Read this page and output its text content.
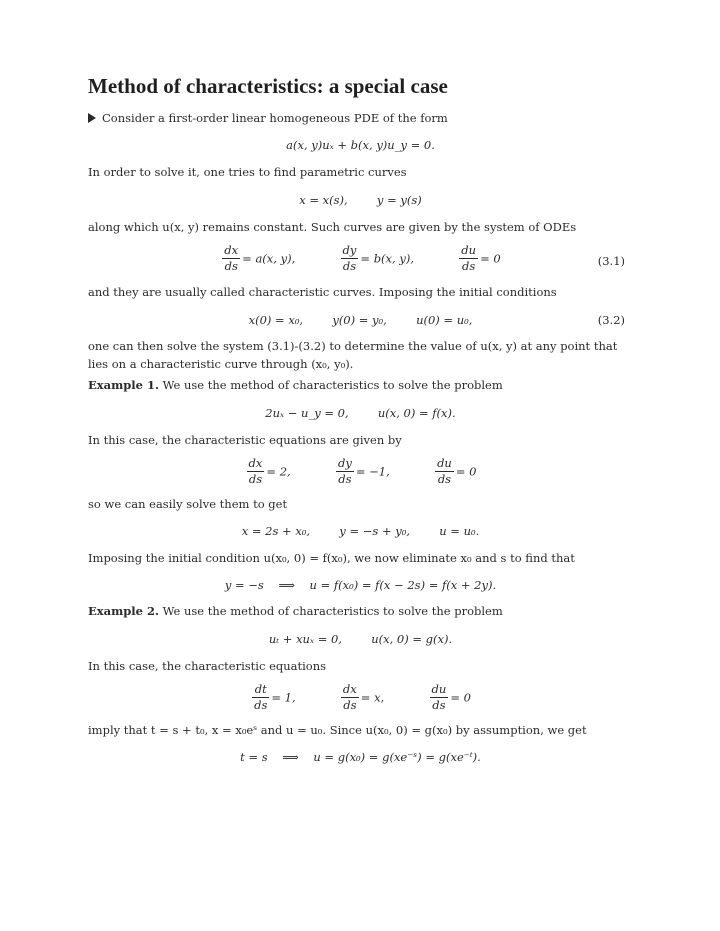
Method of characteristics: a special case
Consider a first-order linear homogeneous PDE of the form
a(x, y)uₓ + b(x, y)u_y = 0.
In order to solve it, one tries to find parametric curves
x = x(s),        y = y(s)
along which u(x, y) remains constant. Such curves are given by the system of ODEs
$\frac{dx}{ds} = a(x$, y),	$\frac{dy}{ds} = b(x$, y),	$\frac{du}{ds} = 0$	(3.1)
and they are usually called characteristic curves. Imposing the initial conditions
x(0) = x₀,        y(0) = y₀,        u(0) = u₀,	(3.2)
one can then solve the system (3.1)-(3.2) to determine the value of u(x, y) at any point that lies on a characteristic curve through (x₀, y₀).
Example 1. We use the method of characteristics to solve the problem
2uₓ − u_y = 0,        u(x, 0) = f(x).
In this case, the characteristic equations are given by
$\frac{dx}{ds} = 2$,	$\frac{dy}{ds} = -1$,	$\frac{du}{ds} = 0$
so we can easily solve them to get
x = 2s + x₀,        y = −s + y₀,        u = u₀.
Imposing the initial condition u(x₀, 0) = f(x₀), we now eliminate x₀ and s to find that
y = −s    ⟹    u = f(x₀) = f(x − 2s) = f(x + 2y).
Example 2. We use the method of characteristics to solve the problem
uₜ + xuₓ = 0,        u(x, 0) = g(x).
In this case, the characteristic equations
$\frac{dt}{ds} = 1$,	$\frac{dx}{ds} = x$,	$\frac{du}{ds} = 0$
imply that t = s + t₀, x = x₀eˢ and u = u₀. Since u(x₀, 0) = g(x₀) by assumption, we get
t = s    ⟹    u = g(x₀) = g(xe⁻ˢ) = g(xe⁻ᵗ).
